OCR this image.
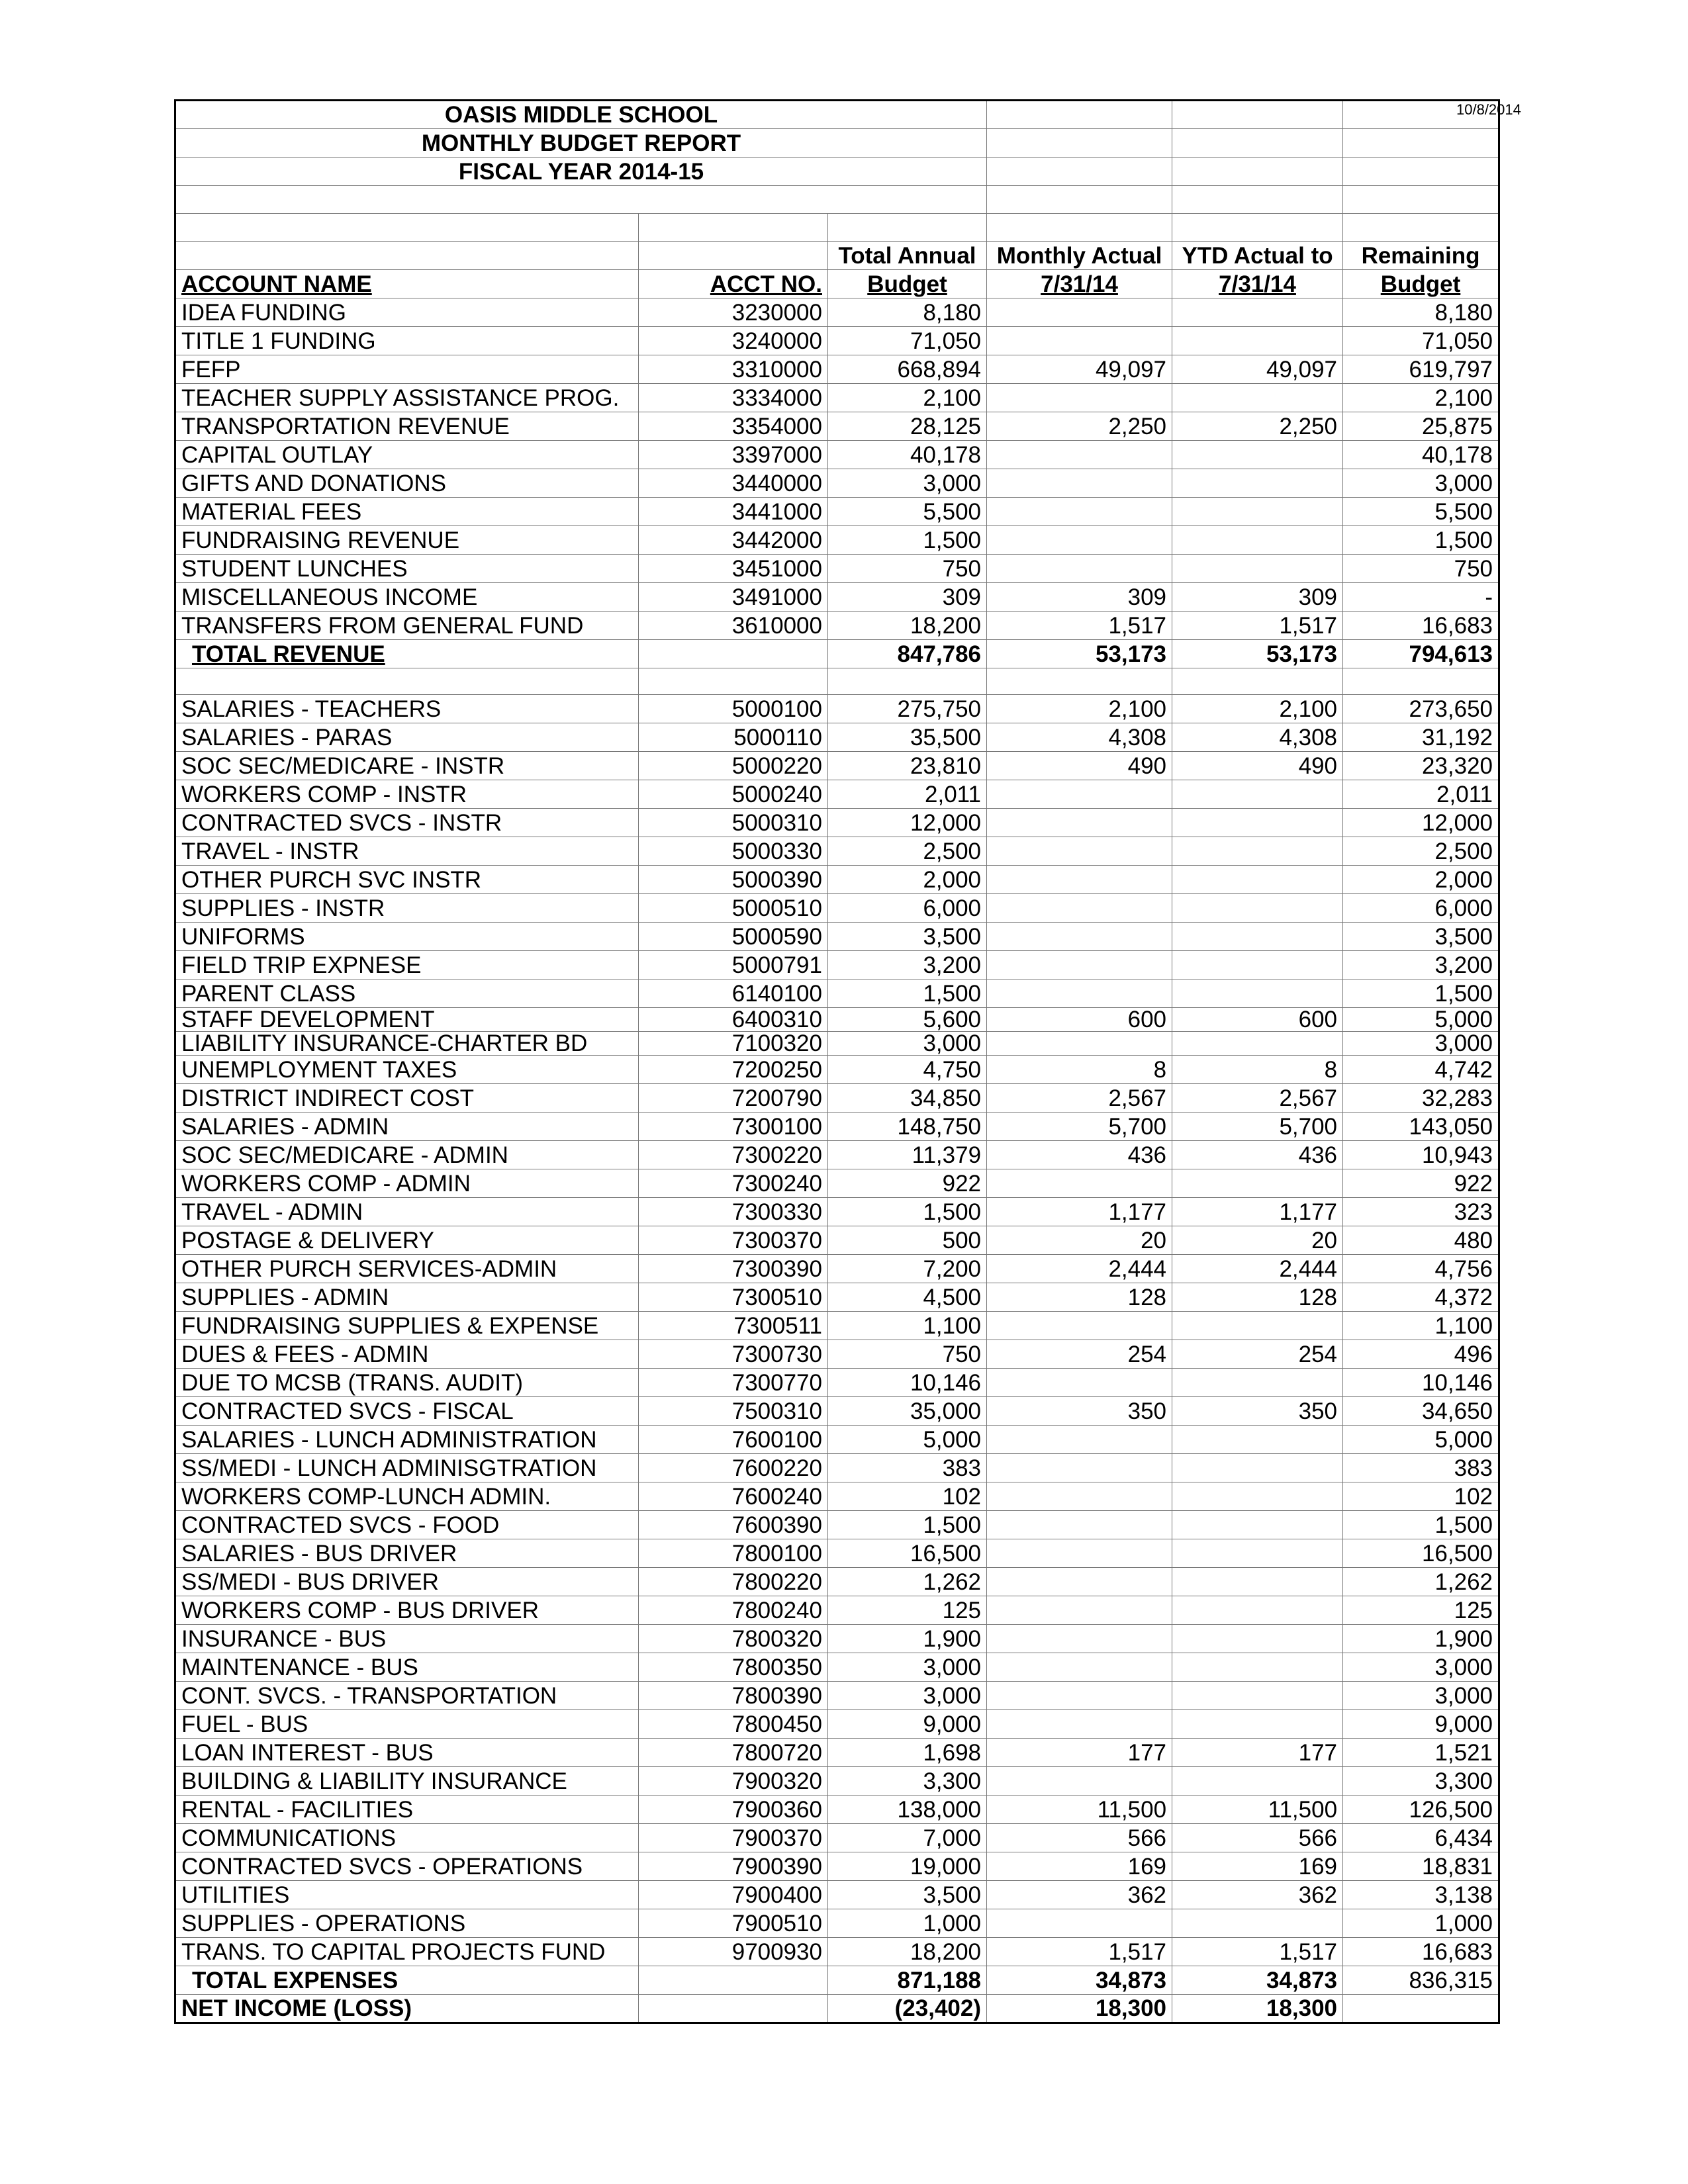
10/8/2014
OASIS MIDDLE SCHOOL					
MONTHLY BUDGET REPORT					
FISCAL YEAR 2014-15					

		Total Annual	Monthly Actual	YTD Actual to	Remaining
ACCOUNT NAME	ACCT NO.	Budget	7/31/14	7/31/14	Budget
IDEA FUNDING	3230000	8,180			8,180
TITLE 1 FUNDING	3240000	71,050			71,050
FEFP	3310000	668,894	49,097	49,097	619,797
TEACHER SUPPLY ASSISTANCE PROG.	3334000	2,100			2,100
TRANSPORTATION REVENUE	3354000	28,125	2,250	2,250	25,875
CAPITAL OUTLAY	3397000	40,178			40,178
GIFTS AND DONATIONS	3440000	3,000			3,000
MATERIAL FEES	3441000	5,500			5,500
FUNDRAISING REVENUE	3442000	1,500			1,500
STUDENT LUNCHES	3451000	750			750
MISCELLANEOUS INCOME	3491000	309	309	309	-
TRANSFERS FROM GENERAL FUND	3610000	18,200	1,517	1,517	16,683
TOTAL REVENUE		847,786	53,173	53,173	794,613

SALARIES - TEACHERS	5000100	275,750	2,100	2,100	273,650
SALARIES - PARAS	5000110	35,500	4,308	4,308	31,192
SOC SEC/MEDICARE - INSTR	5000220	23,810	490	490	23,320
WORKERS COMP - INSTR	5000240	2,011			2,011
CONTRACTED SVCS - INSTR	5000310	12,000			12,000
TRAVEL - INSTR	5000330	2,500			2,500
OTHER PURCH SVC INSTR	5000390	2,000			2,000
SUPPLIES - INSTR	5000510	6,000			6,000
UNIFORMS	5000590	3,500			3,500
FIELD TRIP EXPNESE	5000791	3,200			3,200
PARENT CLASS	6140100	1,500			1,500
STAFF DEVELOPMENT	6400310	5,600	600	600	5,000
LIABILITY INSURANCE-CHARTER BD	7100320	3,000			3,000
UNEMPLOYMENT TAXES	7200250	4,750	8	8	4,742
DISTRICT INDIRECT COST	7200790	34,850	2,567	2,567	32,283
SALARIES - ADMIN	7300100	148,750	5,700	5,700	143,050
SOC SEC/MEDICARE - ADMIN	7300220	11,379	436	436	10,943
WORKERS COMP - ADMIN	7300240	922			922
TRAVEL - ADMIN	7300330	1,500	1,177	1,177	323
POSTAGE & DELIVERY	7300370	500	20	20	480
OTHER PURCH SERVICES-ADMIN	7300390	7,200	2,444	2,444	4,756
SUPPLIES - ADMIN	7300510	4,500	128	128	4,372
FUNDRAISING SUPPLIES & EXPENSE	7300511	1,100			1,100
DUES & FEES - ADMIN	7300730	750	254	254	496
DUE TO MCSB (TRANS. AUDIT)	7300770	10,146			10,146
CONTRACTED SVCS - FISCAL	7500310	35,000	350	350	34,650
SALARIES - LUNCH ADMINISTRATION	7600100	5,000			5,000
SS/MEDI - LUNCH ADMINISGTRATION	7600220	383			383
WORKERS COMP-LUNCH ADMIN.	7600240	102			102
CONTRACTED SVCS - FOOD	7600390	1,500			1,500
SALARIES - BUS DRIVER	7800100	16,500			16,500
SS/MEDI - BUS DRIVER	7800220	1,262			1,262
WORKERS COMP - BUS DRIVER	7800240	125			125
INSURANCE - BUS	7800320	1,900			1,900
MAINTENANCE - BUS	7800350	3,000			3,000
CONT. SVCS. - TRANSPORTATION	7800390	3,000			3,000
FUEL - BUS	7800450	9,000			9,000
LOAN INTEREST - BUS	7800720	1,698	177	177	1,521
BUILDING & LIABILITY INSURANCE	7900320	3,300			3,300
RENTAL - FACILITIES	7900360	138,000	11,500	11,500	126,500
COMMUNICATIONS	7900370	7,000	566	566	6,434
CONTRACTED SVCS - OPERATIONS	7900390	19,000	169	169	18,831
UTILITIES	7900400	3,500	362	362	3,138
SUPPLIES - OPERATIONS	7900510	1,000			1,000
TRANS. TO CAPITAL PROJECTS FUND	9700930	18,200	1,517	1,517	16,683
TOTAL EXPENSES		871,188	34,873	34,873	836,315
NET INCOME (LOSS)		(23,402)	18,300	18,300	
